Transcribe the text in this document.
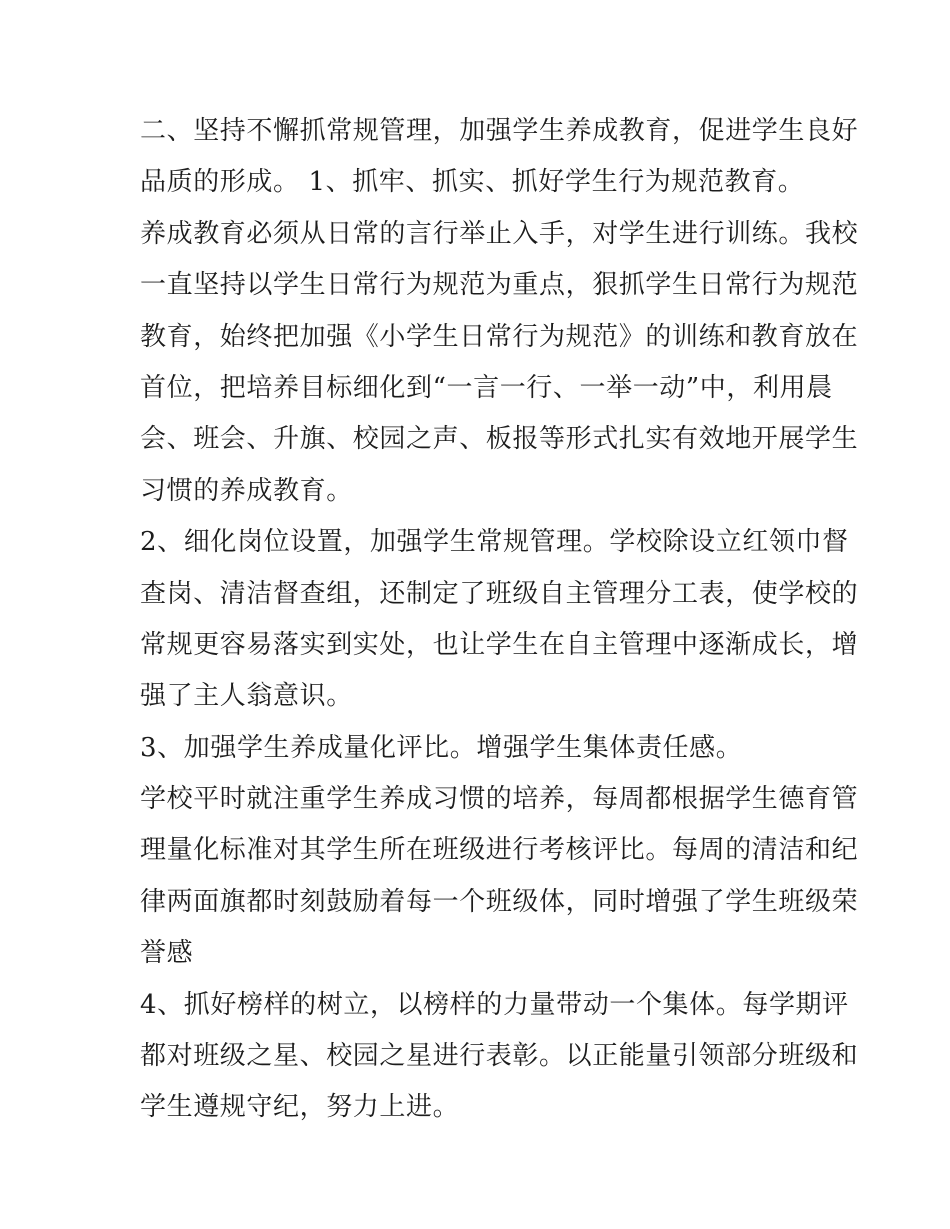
二、坚持不懈抓常规管理，加强学生养成教育，促进学生良好
品质的形成。 1、抓牢、抓实、抓好学生行为规范教育。
养成教育必须从日常的言行举止入手，对学生进行训练。我校
一直坚持以学生日常行为规范为重点，狠抓学生日常行为规范
教育，始终把加强《小学生日常行为规范》的训练和教育放在
首位，把培养目标细化到“一言一行、一举一动”中，利用晨
会、班会、升旗、校园之声、板报等形式扎实有效地开展学生
习惯的养成教育。
2、细化岗位设置，加强学生常规管理。学校除设立红领巾督
查岗、清洁督查组，还制定了班级自主管理分工表，使学校的
常规更容易落实到实处，也让学生在自主管理中逐渐成长，增
强了主人翁意识。
3、加强学生养成量化评比。增强学生集体责任感。
学校平时就注重学生养成习惯的培养，每周都根据学生德育管
理量化标准对其学生所在班级进行考核评比。每周的清洁和纪
律两面旗都时刻鼓励着每一个班级体，同时增强了学生班级荣
誉感
4、抓好榜样的树立，以榜样的力量带动一个集体。每学期评
都对班级之星、校园之星进行表彰。以正能量引领部分班级和
学生遵规守纪，努力上进。
